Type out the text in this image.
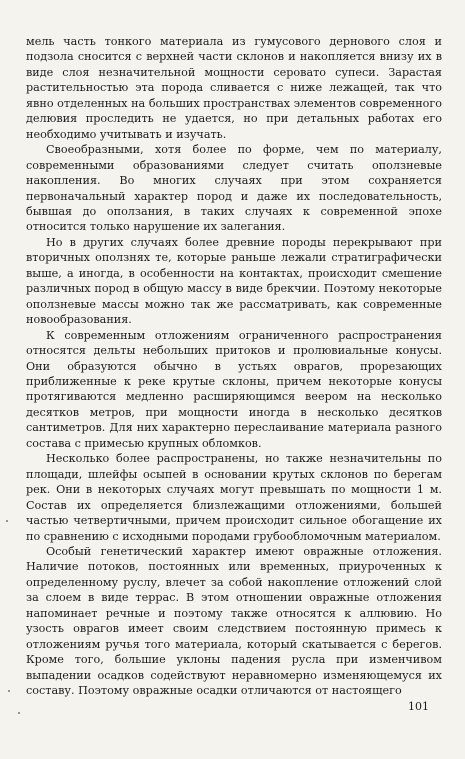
мель часть тонкого материала из гумусового дернового слоя и подзола сносится с верхней части склонов и накопляется внизу их в виде слоя незначительной мощности серовато супеси. Зарастая растительностью эта порода сливается с ниже лежащей, так что явно отделенных на больших пространствах элементов современного делювия проследить не удается, но при детальных работах его необходимо учитывать и изучать.

Своеобразными, хотя более по форме, чем по материалу, современными образованиями следует считать оползневые накопления. Во многих случаях при этом сохраняется первоначальный характер пород и даже их последовательность, бывшая до оползания, в таких случаях к современной эпохе относится только нарушение их залегания.

Но в других случаях более древние породы перекрывают при вторичных оползнях те, которые раньше лежали стратиграфически выше, а иногда, в особенности на контактах, происходит смешение различных пород в общую массу в виде брекчии. Поэтому некоторые оползневые массы можно так же рассматривать, как современные новообразования.

К современным отложениям ограниченного распространения относятся дельты небольших притоков и пролювиальные конусы. Они образуются обычно в устьях оврагов, прорезающих приближенные к реке крутые склоны, причем некоторые конусы протягиваются медленно расширяющимся веером на несколько десятков метров, при мощности иногда в несколько десятков сантиметров. Для них характерно переслаивание материала разного состава с примесью крупных обломков.

Несколько более распространены, но также незначительны по площади, шлейфы осыпей в основании крутых склонов по берегам рек. Они в некоторых случаях могут превышать по мощности 1 м. Состав их определяется близлежащими отложениями, большей частью четвертичными, причем происходит сильное обогащение их по сравнению с исходными породами грубообломочным материалом.

Особый генетический характер имеют овражные отложения. Наличие потоков, постоянных или временных, приуроченных к определенному руслу, влечет за собой накопление отложений слой за слоем в виде террас. В этом отношении овражные отложения напоминает речные и поэтому также относятся к аллювию. Но узость оврагов имеет своим следствием постоянную примесь к отложениям ручья того материала, который скатывается с берегов. Кроме того, большие уклоны падения русла при изменчивом выпадении осадков содействуют неравномерно изменяющемуся их составу. Поэтому овражные осадки отличаются от настоящего

101
